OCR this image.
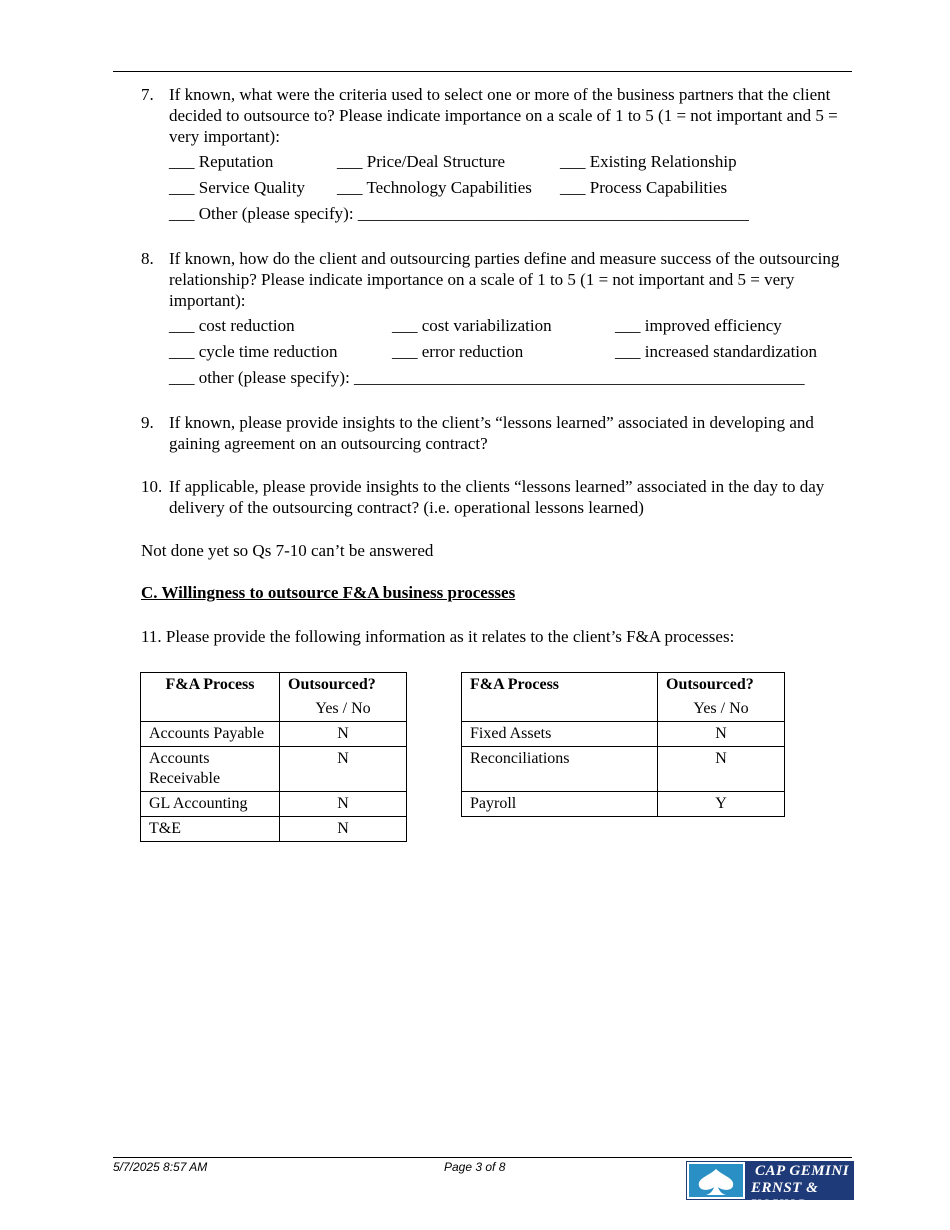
7. If known, what were the criteria used to select one or more of the business partners that the client decided to outsource to? Please indicate importance on a scale of 1 to 5 (1 = not important and 5 = very important):
___ Reputation	___ Price/Deal Structure	___ Existing Relationship
___ Service Quality ___ Technology Capabilities ___ Process Capabilities
___ Other (please specify): ______________________________________________
8. If known, how do the client and outsourcing parties define and measure success of the outsourcing relationship? Please indicate importance on a scale of 1 to 5 (1 = not important and 5 = very important):
___ cost reduction	___ cost variabilization	___ improved efficiency
___ cycle time reduction	___ error reduction	___ increased standardization
___ other (please specify): _____________________________________________________
9. If known, please provide insights to the client’s “lessons learned” associated in developing and gaining agreement on an outsourcing contract?
10. If applicable, please provide insights to the clients “lessons learned” associated in the day to day delivery of the outsourcing contract? (i.e. operational lessons learned)
Not done yet so Qs 7-10 can’t be answered
C. Willingness to outsource F&A business processes
11. Please provide the following information as it relates to the client’s F&A processes:
F&A Process	Outsourced?
Yes / No

Accounts Payable	N
Accounts Receivable	N
GL Accounting	N
T&E	N
F&A Process	Outsourced?
Yes / No

Fixed Assets	N
Reconciliations	N
Payroll	Y
5/7/2025 8:57 AM	Page 3 of 8	CAP GEMINI
ERNST & YOUNG
